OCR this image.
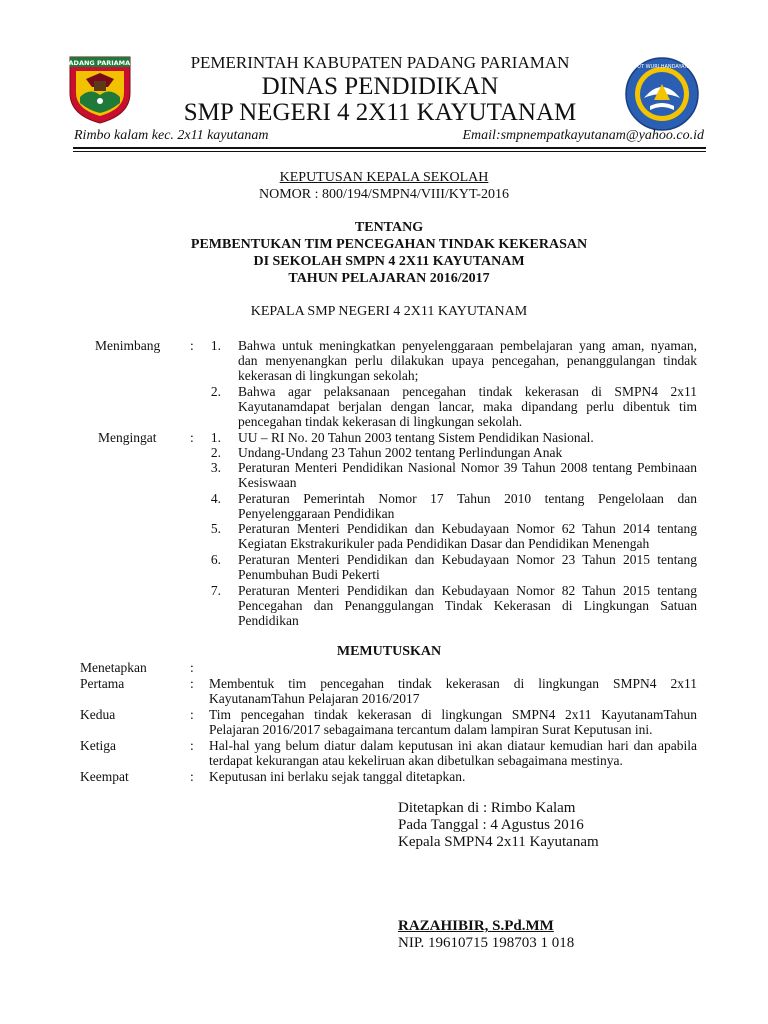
PADANG PARIAMAN	TUT WURI HANDAYANI
PEMERINTAH KABUPATEN PADANG PARIAMAN
DINAS PENDIDIKAN
SMP NEGERI 4 2X11 KAYUTANAM
Rimbo kalam kec. 2x11 kayutanam	Email:smpnempatkayutanam@yahoo.co.id
KEPUTUSAN KEPALA SEKOLAH
NOMOR : 800/194/SMPN4/VIII/KYT-2016
TENTANG
PEMBENTUKAN TIM PENCEGAHAN TINDAK KEKERASAN
DI SEKOLAH SMPN 4 2X11 KAYUTANAM
TAHUN PELAJARAN 2016/2017
KEPALA SMP NEGERI 4 2X11 KAYUTANAM
Menimbang :	1. Bahwa untuk meningkatkan penyelenggaraan pembelajaran yang aman, nyaman, dan menyenangkan perlu dilakukan upaya pencegahan, penanggulangan tindak kekerasan di lingkungan sekolah;
2. Bahwa agar pelaksanaan pencegahan tindak kekerasan di SMPN4 2x11 Kayutanamdapat berjalan dengan lancar, maka dipandang perlu dibentuk tim pencegahan tindak kekerasan di lingkungan sekolah.
Mengingat :	1. UU – RI No. 20 Tahun 2003 tentang Sistem Pendidikan Nasional.
2. Undang-Undang 23 Tahun 2002 tentang Perlindungan Anak
3. Peraturan Menteri Pendidikan Nasional Nomor 39 Tahun 2008 tentang Pembinaan Kesiswaan
4. Peraturan Pemerintah Nomor 17 Tahun 2010 tentang Pengelolaan dan Penyelenggaraan Pendidikan
5. Peraturan Menteri Pendidikan dan Kebudayaan Nomor 62 Tahun 2014 tentang Kegiatan Ekstrakurikuler pada Pendidikan Dasar dan Pendidikan Menengah
6. Peraturan Menteri Pendidikan dan Kebudayaan Nomor 23 Tahun 2015 tentang Penumbuhan Budi Pekerti
7. Peraturan Menteri Pendidikan dan Kebudayaan Nomor 82 Tahun 2015 tentang Pencegahan dan Penanggulangan Tindak Kekerasan di Lingkungan Satuan Pendidikan
MEMUTUSKAN
Menetapkan	:
Pertama	: Membentuk tim pencegahan tindak kekerasan di lingkungan SMPN4 2x11 KayutanamTahun Pelajaran 2016/2017
Kedua	: Tim pencegahan tindak kekerasan di lingkungan SMPN4 2x11 KayutanamTahun Pelajaran 2016/2017 sebagaimana tercantum dalam lampiran Surat Keputusan ini.
Ketiga	: Hal-hal yang belum diatur dalam keputusan ini akan diataur kemudian hari dan apabila terdapat kekurangan atau kekeliruan akan dibetulkan sebagaimana mestinya.
Keempat	: Keputusan ini berlaku sejak tanggal ditetapkan.
Ditetapkan di : Rimbo Kalam
Pada Tanggal : 4 Agustus 2016
Kepala SMPN4 2x11 Kayutanam
RAZAHIBIR, S.Pd.MM
NIP. 19610715 198703 1 018
